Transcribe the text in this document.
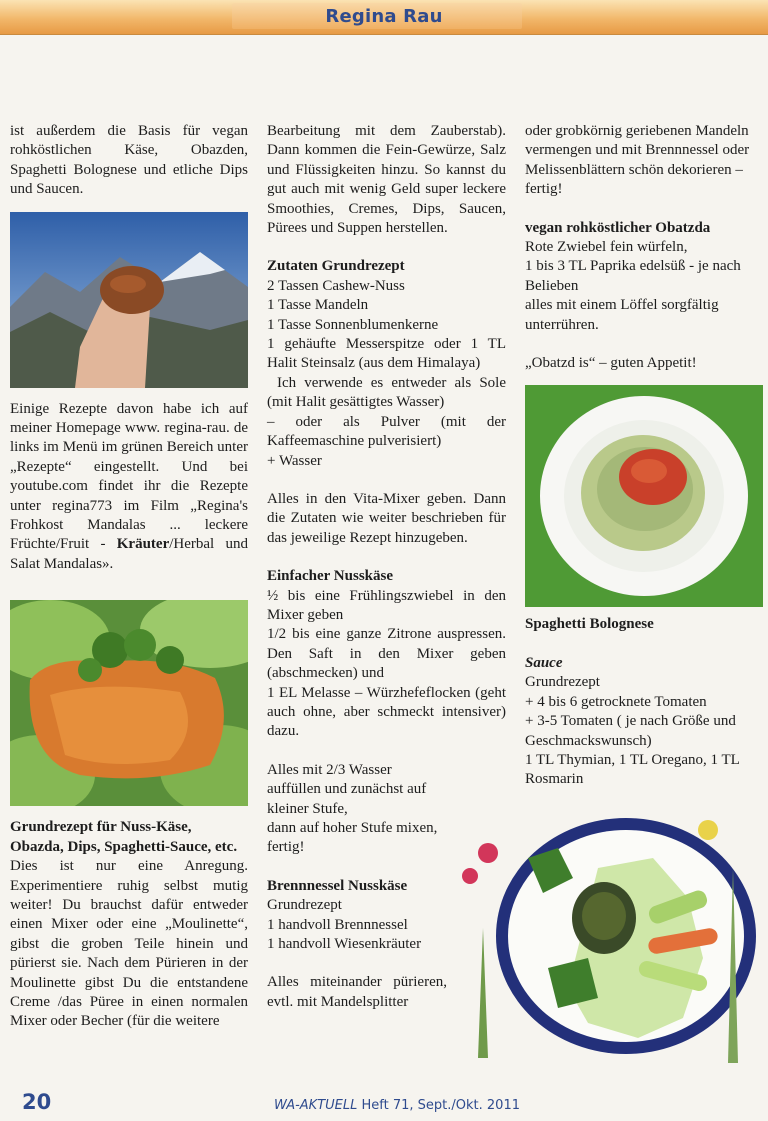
Regina Rau

ist außerdem die Basis für vegan rohköstlichen Käse, Obazden, Spaghetti Bolognese und etliche Dips und Saucen.

Einige Rezepte davon habe ich auf meiner Homepage www. regina-rau. de links im Menü im grünen Bereich unter „Rezepte“ eingestellt. Und bei youtube.com findet ihr die Rezepte unter regina773 im Film „Regina's Frohkost Mandalas ... leckere Früchte/Fruit - Kräuter/Herbal und Salat Mandalas».

Grundrezept für Nuss-Käse, Obazda, Dips, Spaghetti-Sauce, etc.

Dies ist nur eine Anregung. Experimentiere ruhig selbst mutig weiter! Du brauchst dafür entweder einen Mixer oder eine „Moulinette“, gibst die groben Teile hinein und pürierst sie. Nach dem Pürieren in der Moulinette gibst Du die entstandene Creme /das Püree in einen normalen Mixer oder Becher (für die weitere

Bearbeitung mit dem Zauberstab). Dann kommen die Fein-Gewürze, Salz und Flüssigkeiten hinzu. So kannst du gut auch mit wenig Geld super leckere Smoothies, Cremes, Dips, Saucen, Pürees und Suppen herstellen.

Zutaten Grundrezept

2 Tassen Cashew-Nuss

1 Tasse Mandeln

1 Tasse Sonnenblumenkerne

1 gehäufte Messerspitze oder 1 TL Halit Steinsalz (aus dem Himalaya)

Ich verwende es entweder als Sole (mit Halit gesättigtes Wasser)

– oder als Pulver (mit der Kaffeemaschine pulverisiert)

+ Wasser

Alles in den Vita-Mixer geben. Dann die Zutaten wie weiter beschrieben für das jeweilige Rezept hinzugeben.

Einfacher Nusskäse

½ bis eine Frühlingszwiebel in den Mixer geben

1/2 bis eine ganze Zitrone auspressen. Den Saft in den Mixer geben (abschmecken) und

1 EL Melasse – Würzhefeflocken (geht auch ohne, aber schmeckt intensiver) dazu.

Alles mit 2/3 Wasser auffüllen und zunächst auf kleiner Stufe,

dann auf hoher Stufe mixen, fertig!

Brennnessel Nusskäse

Grundrezept

1 handvoll Brennnessel

1 handvoll Wiesenkräuter

Alles miteinander pürieren, evtl. mit Mandelsplitter

oder grobkörnig geriebenen Mandeln vermengen und mit Brennnessel oder Melissenblättern schön dekorieren – fertig!

vegan rohköstlicher Obatzda

Rote Zwiebel fein würfeln,

1 bis 3 TL Paprika edelsüß - je nach Belieben

alles mit einem Löffel sorgfältig unterrühren.

„Obatzd is“ – guten Appetit!

Spaghetti Bolognese

Sauce

Grundrezept

+ 4 bis 6 getrocknete Tomaten

+ 3-5 Tomaten ( je nach Größe und Geschmackswunsch)

1 TL Thymian, 1 TL Oregano, 1 TL Rosmarin

20	WA-AKTUELL Heft 71, Sept./Okt. 2011
